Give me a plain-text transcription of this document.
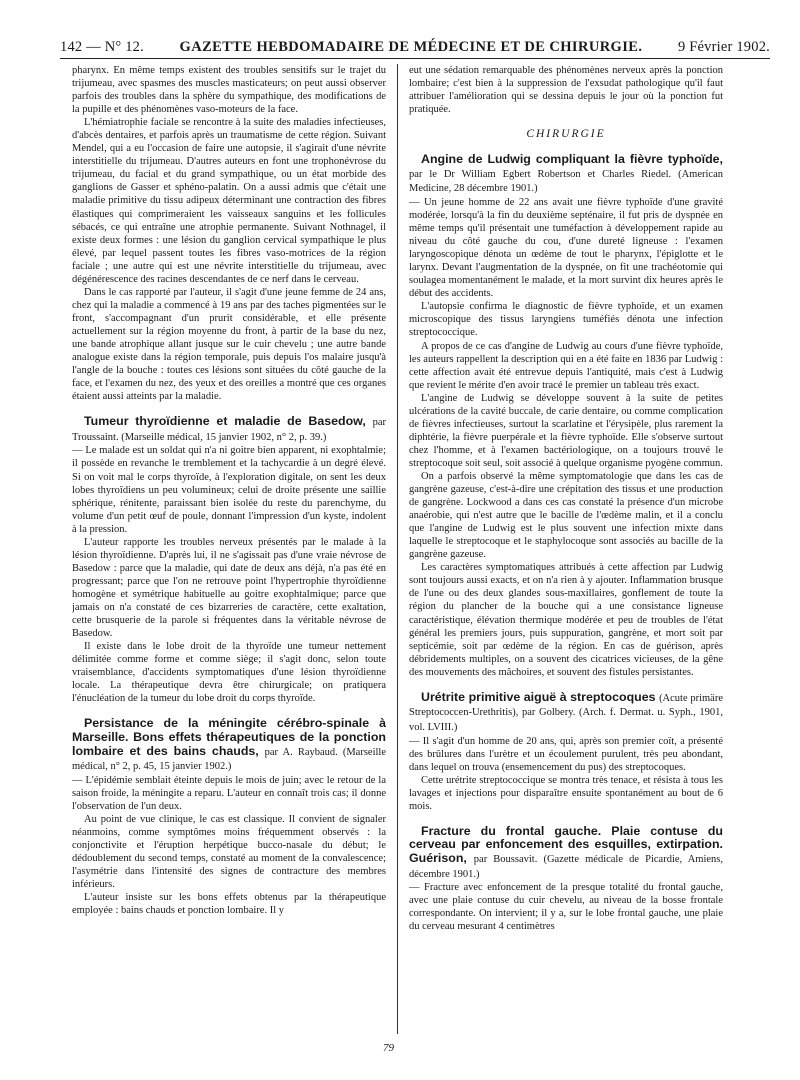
142 — N° 12. GAZETTE HEBDOMADAIRE DE MÉDECINE ET DE CHIRURGIE. 9 Février 1902.

pharynx. En même temps existent des troubles sensitifs sur le trajet du trijumeau, avec spasmes des muscles masticateurs; on peut aussi observer parfois des troubles dans la sphère du sympathique, des modifications de la pupille et des phénomènes vaso-moteurs de la face.

L'hémiatrophie faciale se rencontre à la suite des maladies infectieuses, d'abcès dentaires, et parfois après un traumatisme de cette région. Suivant Mendel, qui a eu l'occasion de faire une autopsie, il s'agirait d'une névrite interstitielle du trijumeau. D'autres auteurs en font une trophonévrose du trijumeau, du facial et du grand sympathique, ou un état morbide des ganglions de Gasser et sphéno-palatin. On a aussi admis que c'était une maladie primitive du tissu adipeux déterminant une contraction des fibres élastiques qui comprimeraient les vaisseaux sanguins et les follicules sébacés, ce qui entraîne une atrophie permanente. Suivant Nothnagel, il existe deux formes : une lésion du ganglion cervical sympathique le plus élevé, par lequel passent toutes les fibres vaso-motrices de la région faciale ; une autre qui est une névrite interstitielle du trijumeau, avec dégénérescence des racines descendantes de ce nerf dans le cerveau.

Dans le cas rapporté par l'auteur, il s'agit d'une jeune femme de 24 ans, chez qui la maladie a commencé à 19 ans par des taches pigmentées sur le front, s'accompagnant d'un prurit considérable, et elle présente actuellement sur la région moyenne du front, à partir de la base du nez, une bande atrophique allant jusque sur le cuir chevelu ; une autre bande analogue existe dans la région temporale, puis depuis l'os malaire jusqu'à l'angle de la bouche : toutes ces lésions sont situées du côté gauche de la face, et l'examen du nez, des yeux et des oreilles a montré que ces organes étaient aussi atteints par la maladie.

Tumeur thyroïdienne et maladie de Basedow, par Troussaint. (Marseille médical, 15 janvier 1902, n° 2, p. 39.)

— Le malade est un soldat qui n'a ni goitre bien apparent, ni exophtalmie; il possède en revanche le tremblement et la tachycardie à un degré élevé. Si on voit mal le corps thyroïde, à l'exploration digitale, on sent les deux lobes thyroïdiens un peu volumineux; celui de droite présente une saillie sphérique, rénitente, paraissant bien isolée du reste du parenchyme, du volume d'un petit œuf de poule, donnant l'impression d'un kyste, indolent à la pression.

L'auteur rapporte les troubles nerveux présentés par le malade à la lésion thyroïdienne. D'après lui, il ne s'agissait pas d'une vraie névrose de Basedow : parce que la maladie, qui date de deux ans déjà, n'a pas été en progressant; parce que l'on ne retrouve point l'hypertrophie thyroïdienne homogène et symétrique habituelle au goitre exophtalmique; parce que jamais on n'a constaté de ces bizarreries de caractère, cette exaltation, cette brusquerie de la parole si fréquentes dans la véritable névrose de Basedow.

Il existe dans le lobe droit de la thyroïde une tumeur nettement délimitée comme forme et comme siège; il s'agit donc, selon toute vraisemblance, d'accidents symptomatiques d'une lésion thyroïdienne locale. La thérapeutique devra être chirurgicale; on pratiquera l'énucléation de la tumeur du lobe droit du corps thyroïde.

Persistance de la méningite cérébro-spinale à Marseille. Bons effets thérapeutiques de la ponction lombaire et des bains chauds, par A. Raybaud. (Marseille médical, n° 2, p. 45, 15 janvier 1902.)

— L'épidémie semblait éteinte depuis le mois de juin; avec le retour de la saison froide, la méningite a reparu. L'auteur en connaît trois cas; il donne l'observation de l'un deux.

Au point de vue clinique, le cas est classique. Il convient de signaler néanmoins, comme symptômes moins fréquemment observés : la conjonctivite et l'éruption herpétique bucco-nasale du début; le dédoublement du second temps, constaté au moment de la convalescence; l'asymétrie dans l'intensité des signes de contracture des membres inférieurs.

L'auteur insiste sur les bons effets obtenus par la thérapeutique employée : bains chauds et ponction lombaire. Il y

eut une sédation remarquable des phénomènes nerveux après la ponction lombaire; c'est bien à la suppression de l'exsudat pathologique qu'il faut attribuer l'amélioration qui se dessina depuis le jour où la ponction fut pratiquée.

CHIRURGIE
Angine de Ludwig compliquant la fièvre typhoïde, par le Dr William Egbert Robertson et Charles Riedel. (American Medicine, 28 décembre 1901.)

— Un jeune homme de 22 ans avait une fièvre typhoïde d'une gravité modérée, lorsqu'à la fin du deuxième septénaire, il fut pris de dyspnée en même temps qu'il présentait une tuméfaction à développement rapide au niveau du côté gauche du cou, d'une dureté ligneuse : l'examen laryngoscopique dénota un œdème de tout le pharynx, l'épiglotte et le larynx. Devant l'augmentation de la dyspnée, on fit une trachéotomie qui soulagea momentanément le malade, et la mort survint dix heures après le début des accidents.

L'autopsie confirma le diagnostic de fièvre typhoïde, et un examen microscopique des tissus laryngiens tuméfiés dénota une infection streptococcique.

A propos de ce cas d'angine de Ludwig au cours d'une fièvre typhoïde, les auteurs rappellent la description qui en a été faite en 1836 par Ludwig : cette affection avait été entrevue depuis l'antiquité, mais c'est à Ludwig que revient le mérite d'en avoir tracé le premier un tableau très exact.

L'angine de Ludwig se développe souvent à la suite de petites ulcérations de la cavité buccale, de carie dentaire, ou comme complication de fièvres infectieuses, surtout la scarlatine et l'érysipèle, plus rarement la diphtérie, la fièvre puerpérale et la fièvre typhoïde. Elle s'observe surtout chez l'homme, et à l'examen bactériologique, on a toujours trouvé le streptocoque soit seul, soit associé à quelque organisme pyogène commun.

On a parfois observé la même symptomatologie que dans les cas de gangrène gazeuse, c'est-à-dire une crépitation des tissus et une production de gangrène. Lockwood a dans ces cas constaté la présence d'un microbe anaérobie, qui n'est autre que le bacille de l'œdème malin, et il a conclu que l'angine de Ludwig est le plus souvent une infection mixte dans laquelle le streptocoque et le staphylocoque sont associés au bacille de la gangrène gazeuse.

Les caractères symptomatiques attribués à cette affection par Ludwig sont toujours aussi exacts, et on n'a rien à y ajouter. Inflammation brusque de l'une ou des deux glandes sous-maxillaires, gonflement de toute la région du plancher de la bouche qui a une consistance ligneuse caractéristique, élévation thermique modérée et peu de troubles de l'état général les premiers jours, puis suppuration, gangrène, et mort soit par septicémie, soit par œdème de la région. En cas de guérison, après débridements multiples, on a souvent des cicatrices vicieuses, de la gêne des mouvements des mâchoires, et souvent des fistules persistantes.

Urétrite primitive aiguë à streptocoques (Acute primäre Streptococcen-Urethritis), par Golbery. (Arch. f. Dermat. u. Syph., 1901, vol. LVIII.)

— Il s'agit d'un homme de 20 ans, qui, après son premier coït, a présenté des brûlures dans l'urètre et un écoulement purulent, très peu abondant, dans lequel on trouva (ensemencement du pus) des streptocoques.

Cette urétrite streptococcique se montra très tenace, et résista à tous les lavages et injections pour disparaître ensuite spontanément au bout de 6 mois.

Fracture du frontal gauche. Plaie contuse du cerveau par enfoncement des esquilles, extirpation. Guérison, par Boussavit. (Gazette médicale de Picardie, Amiens, décembre 1901.)

— Fracture avec enfoncement de la presque totalité du frontal gauche, avec une plaie contuse du cuir chevelu, au niveau de la bosse frontale correspondante. On intervient; il y a, sur le lobe frontal gauche, une plaie du cerveau mesurant 4 centimètres

79
